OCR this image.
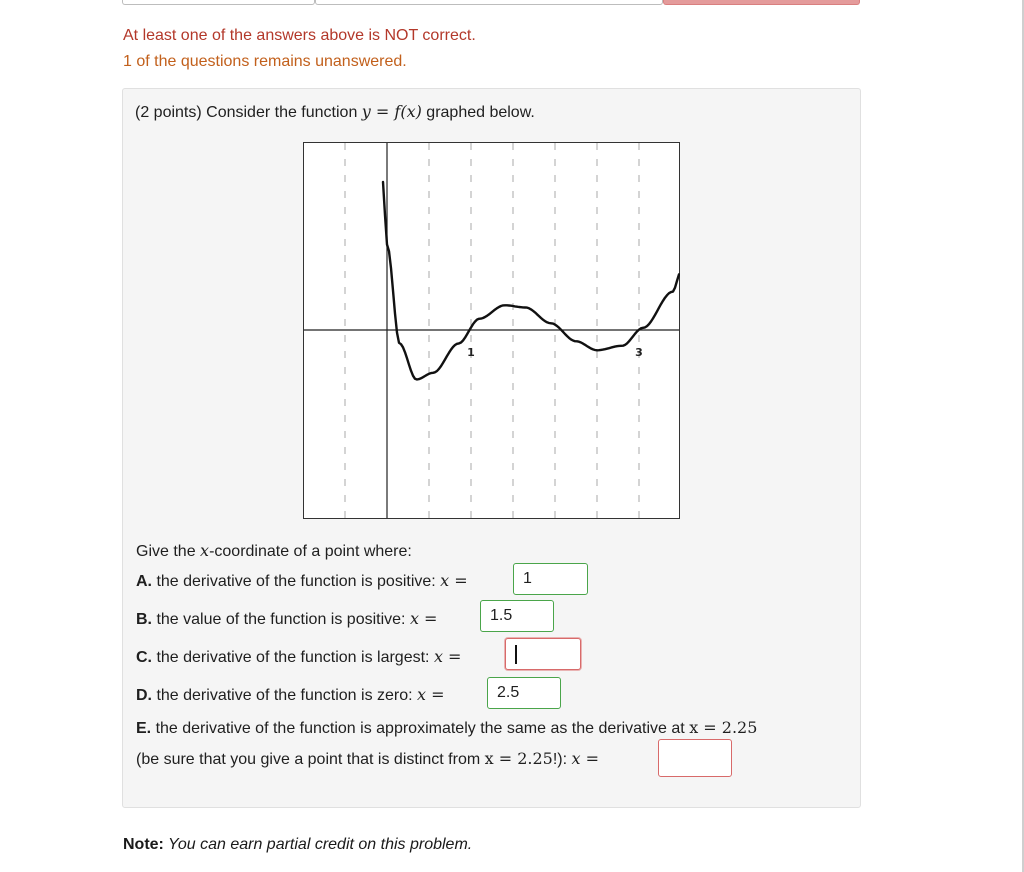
At least one of the answers above is NOT correct.
1 of the questions remains unanswered.
(2 points) Consider the function y = f(x) graphed below.
1	3
Give the x-coordinate of a point where:
A. the derivative of the function is positive: x =
1
B. the value of the function is positive: x =
1.5
C. the derivative of the function is largest: x =
D. the derivative of the function is zero: x =
2.5
E. the derivative of the function is approximately the same as the derivative at x = 2.25
(be sure that you give a point that is distinct from x = 2.25!): x =
Note: You can earn partial credit on this problem.
